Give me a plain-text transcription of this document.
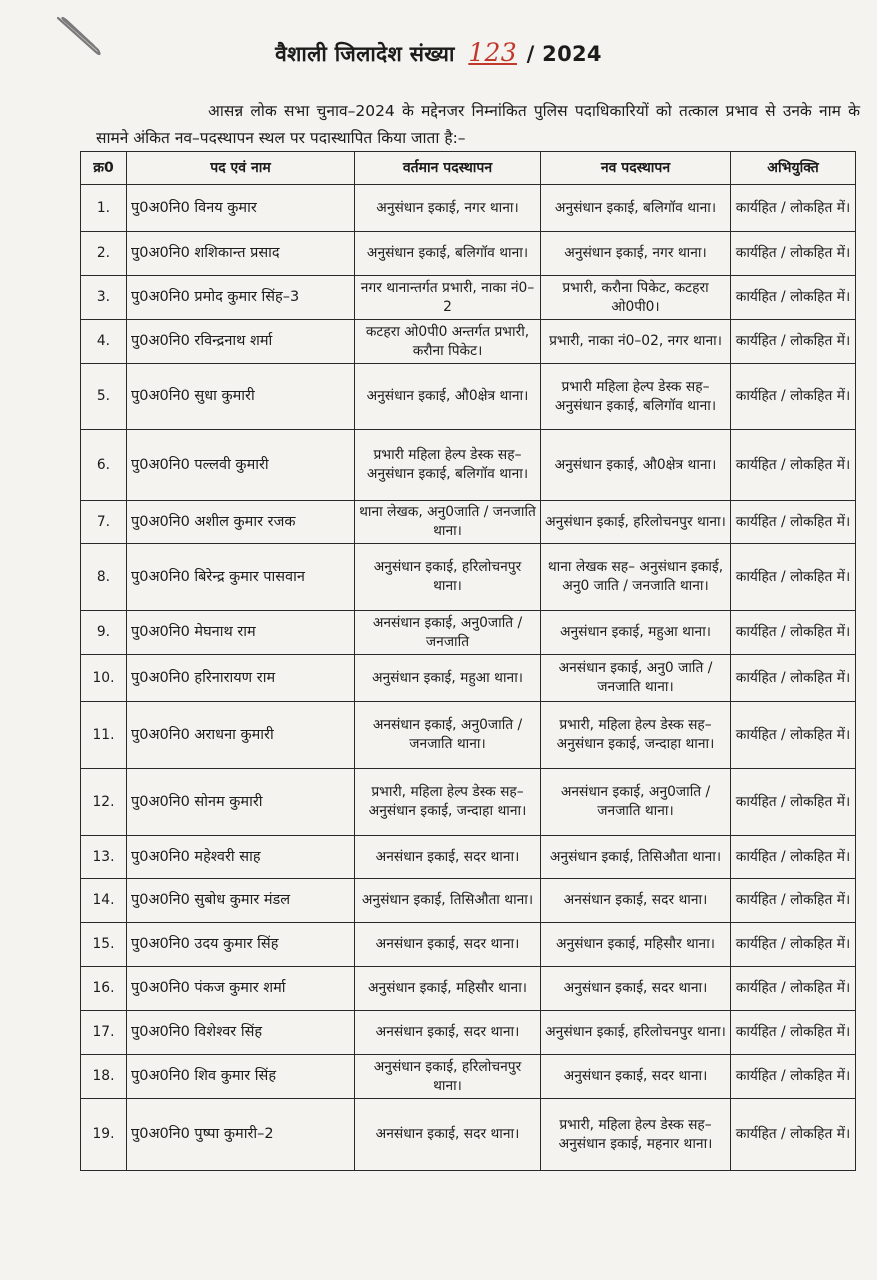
वैशाली जिलादेश संख्या 123 / 2024
आसन्न लोक सभा चुनाव–2024 के मद्देनजर निम्नांकित पुलिस पदाधिकारियों को तत्काल प्रभाव से उनके नाम के सामने अंकित नव–पदस्थापन स्थल पर पदास्थापित किया जाता है:–
क्र0	पद एवं नाम	वर्तमान पदस्थापन	नव पदस्थापन	अभियुक्ति
1.	पु0अ0नि0 विनय कुमार	अनुसंधान इकाई, नगर थाना।	अनुसंधान इकाई, बलिगॉव थाना।	कार्यहित / लोकहित में।
2.	पु0अ0नि0 शशिकान्त प्रसाद	अनुसंधान इकाई, बलिगॉव थाना।	अनुसंधान इकाई, नगर थाना।	कार्यहित / लोकहित में।
3.	पु0अ0नि0 प्रमोद कुमार सिंह–3	नगर थानान्तर्गत प्रभारी, नाका नं0–2	प्रभारी, करौना पिकेट, कटहरा ओ0पी0।	कार्यहित / लोकहित में।
4.	पु0अ0नि0 रविन्द्रनाथ शर्मा	कटहरा ओ0पी0 अन्तर्गत प्रभारी, करौना पिकेट।	प्रभारी, नाका नं0–02, नगर थाना।	कार्यहित / लोकहित में।
5.	पु0अ0नि0 सुधा कुमारी	अनुसंधान इकाई, औ0क्षेत्र थाना।	प्रभारी महिला हेल्प डेस्क सह–अनुसंधान इकाई, बलिगॉव थाना।	कार्यहित / लोकहित में।
6.	पु0अ0नि0 पल्लवी कुमारी	प्रभारी महिला हेल्प डेस्क सह–अनुसंधान इकाई, बलिगॉव थाना।	अनुसंधान इकाई, औ0क्षेत्र थाना।	कार्यहित / लोकहित में।
7.	पु0अ0नि0 अशील कुमार रजक	थाना लेखक, अनु0जाति / जनजाति थाना।	अनुसंधान इकाई, हरिलोचनपुर थाना।	कार्यहित / लोकहित में।
8.	पु0अ0नि0 बिरेन्द्र कुमार पासवान	अनुसंधान इकाई, हरिलोचनपुर थाना।	थाना लेखक सह– अनुसंधान इकाई, अनु0 जाति / जनजाति थाना।	कार्यहित / लोकहित में।
9.	पु0अ0नि0 मेघनाथ राम	अनसंधान इकाई, अनु0जाति / जनजाति	अनुसंधान इकाई, महुआ थाना।	कार्यहित / लोकहित में।
10.	पु0अ0नि0 हरिनारायण राम	अनुसंधान इकाई, महुआ थाना।	अनसंधान इकाई, अनु0 जाति / जनजाति थाना।	कार्यहित / लोकहित में।
11.	पु0अ0नि0 अराधना कुमारी	अनसंधान इकाई, अनु0जाति / जनजाति थाना।	प्रभारी, महिला हेल्प डेस्क सह–अनुसंधान इकाई, जन्दाहा थाना।	कार्यहित / लोकहित में।
12.	पु0अ0नि0 सोनम कुमारी	प्रभारी, महिला हेल्प डेस्क सह–अनुसंधान इकाई, जन्दाहा थाना।	अनसंधान इकाई, अनु0जाति / जनजाति थाना।	कार्यहित / लोकहित में।
13.	पु0अ0नि0 महेश्वरी साह	अनसंधान इकाई, सदर थाना।	अनुसंधान इकाई, तिसिऔता थाना।	कार्यहित / लोकहित में।
14.	पु0अ0नि0 सुबोध कुमार मंडल	अनुसंधान इकाई, तिसिऔता थाना।	अनसंधान इकाई, सदर थाना।	कार्यहित / लोकहित में।
15.	पु0अ0नि0 उदय कुमार सिंह	अनसंधान इकाई, सदर थाना।	अनुसंधान इकाई, महिसौर थाना।	कार्यहित / लोकहित में।
16.	पु0अ0नि0 पंकज कुमार शर्मा	अनुसंधान इकाई, महिसौर थाना।	अनुसंधान इकाई, सदर थाना।	कार्यहित / लोकहित में।
17.	पु0अ0नि0 विशेश्वर सिंह	अनसंधान इकाई, सदर थाना।	अनुसंधान इकाई, हरिलोचनपुर थाना।	कार्यहित / लोकहित में।
18.	पु0अ0नि0 शिव कुमार सिंह	अनुसंधान इकाई, हरिलोचनपुर थाना।	अनुसंधान इकाई, सदर थाना।	कार्यहित / लोकहित में।
19.	पु0अ0नि0 पुष्पा कुमारी–2	अनसंधान इकाई, सदर थाना।	प्रभारी, महिला हेल्प डेस्क सह–अनुसंधान इकाई, महनार थाना।	कार्यहित / लोकहित में।
